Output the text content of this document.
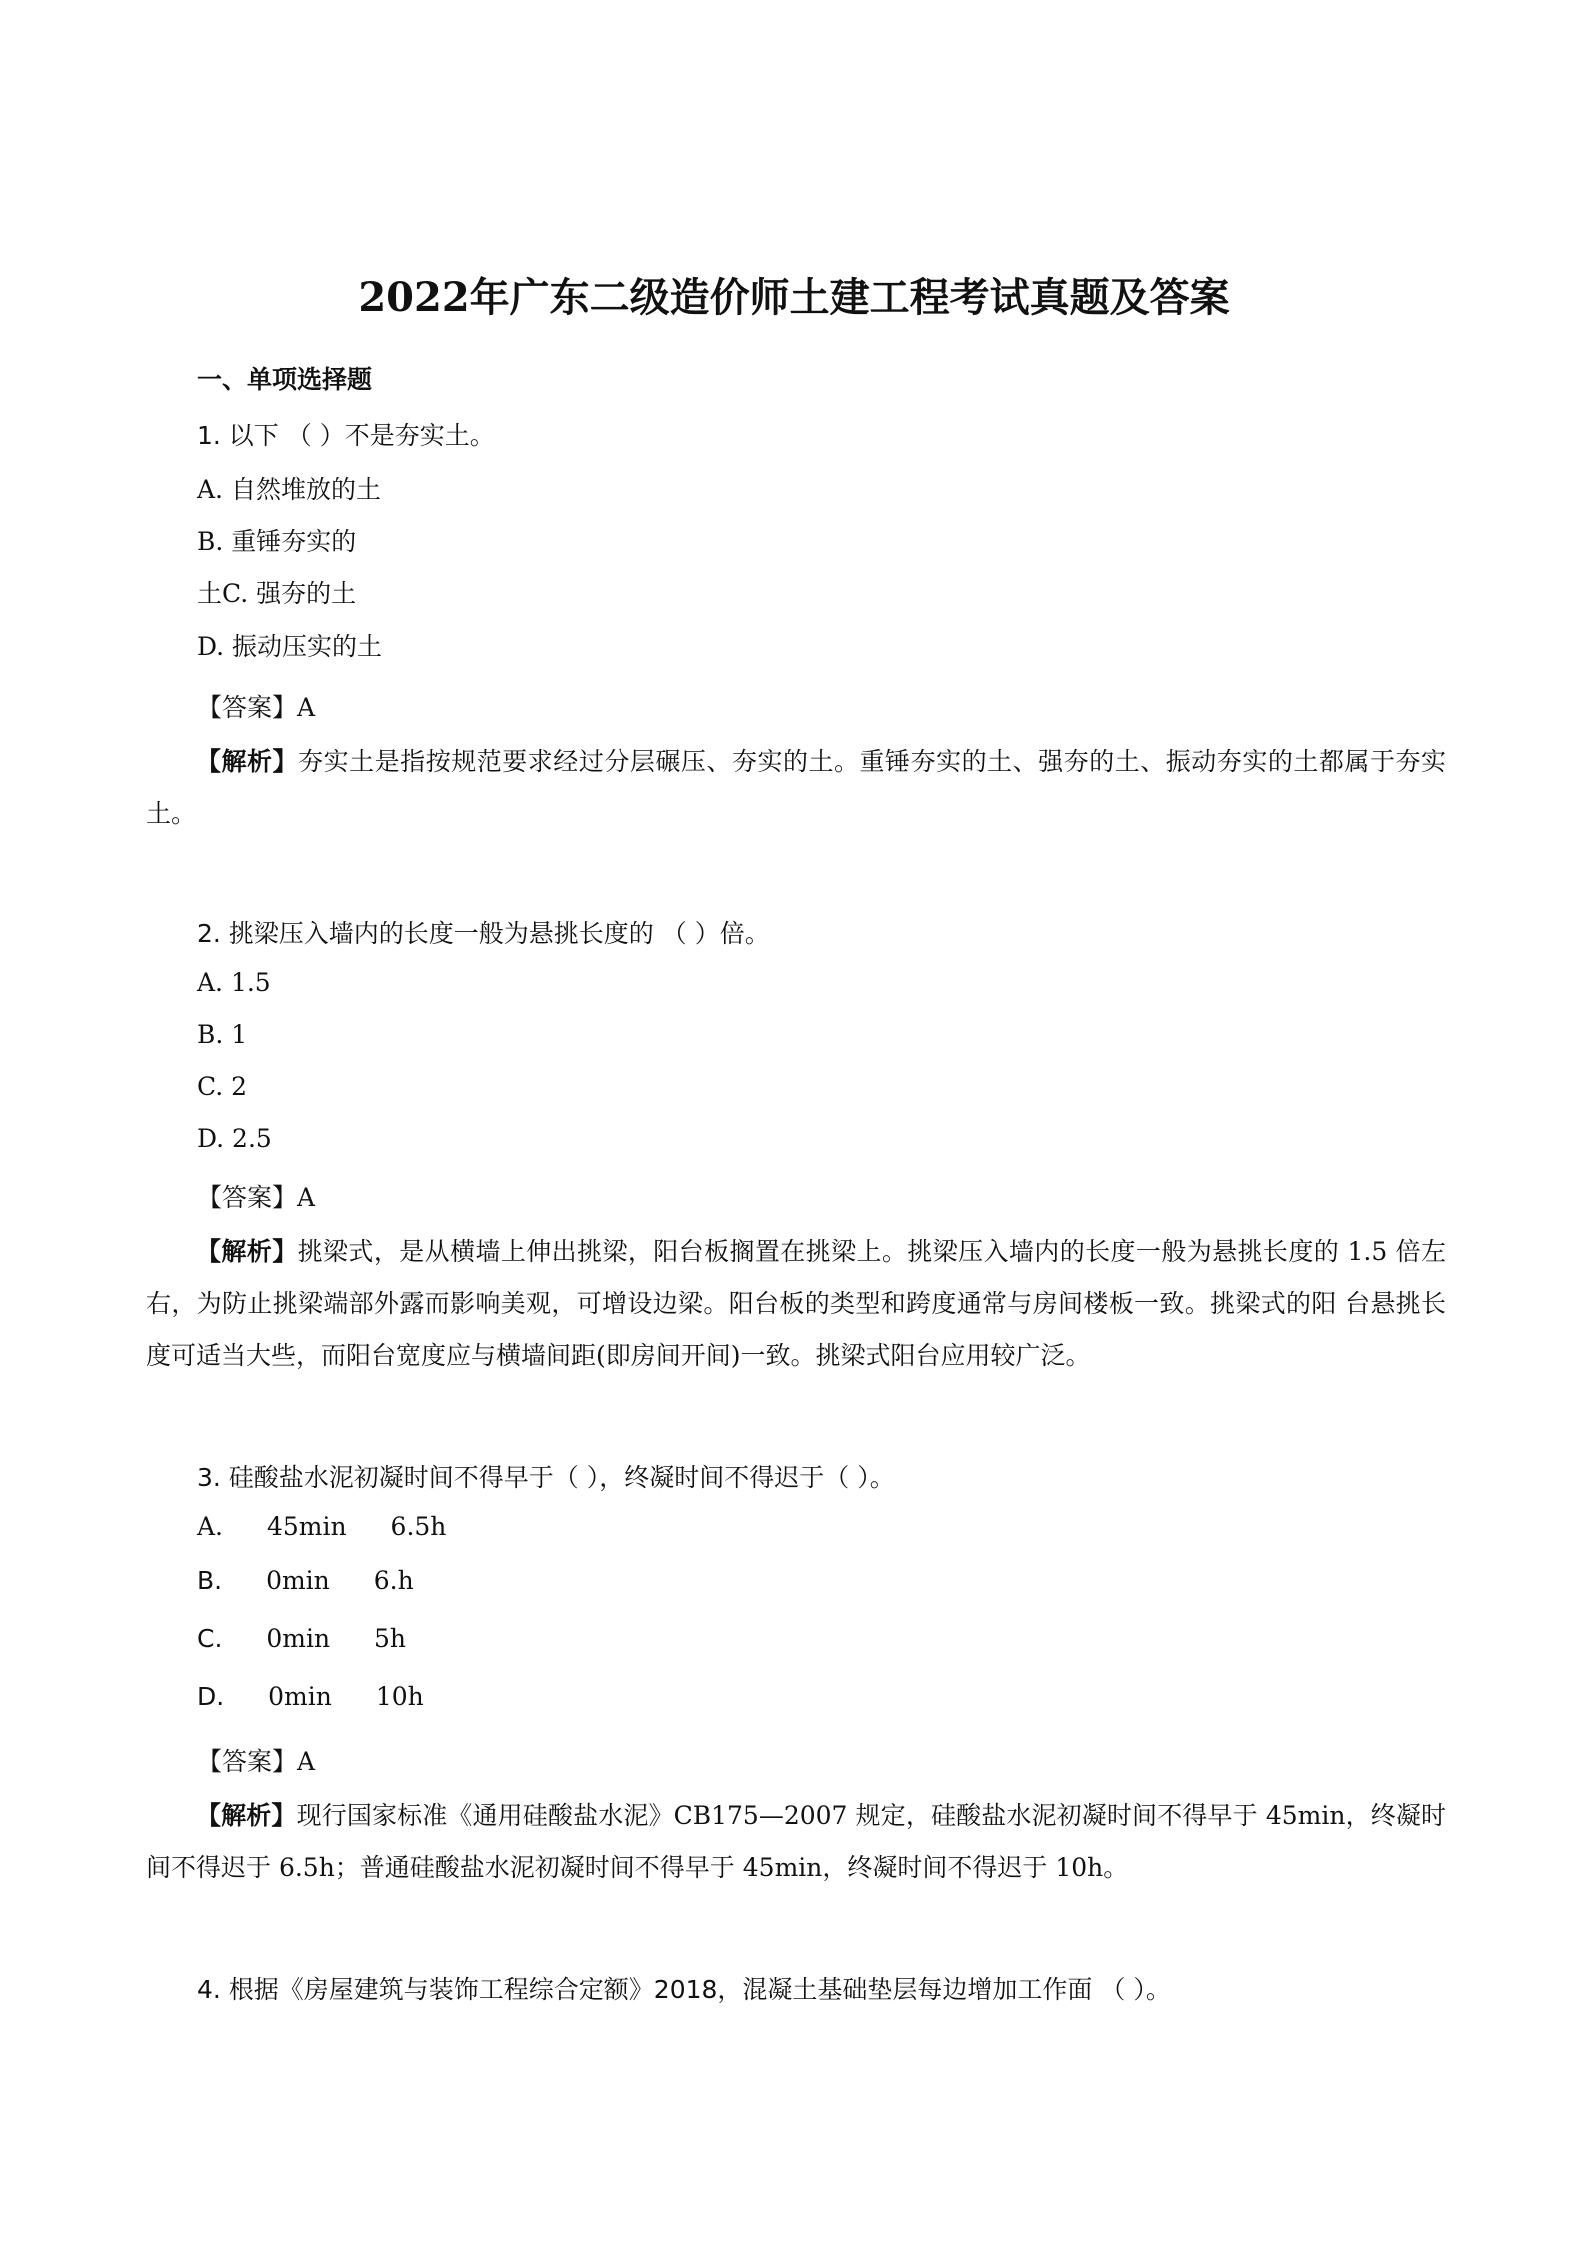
2022年广东二级造价师土建工程考试真题及答案
一、单项选择题
1. 以下 （ ）不是夯实土。
A. 自然堆放的土
B. 重锤夯实的
土C. 强夯的土
D. 振动压实的土
【答案】A
【解析】夯实土是指按规范要求经过分层碾压、夯实的土。重锤夯实的土、强夯的土、振动夯实的土都属于夯实土。
2. 挑梁压入墙内的长度一般为悬挑长度的 （ ）倍。
A. 1.5
B. 1
C. 2
D. 2.5
【答案】A
【解析】挑梁式，是从横墙上伸出挑梁，阳台板搁置在挑梁上。挑梁压入墙内的长度一般为悬挑长度的 1.5 倍左右，为防止挑梁端部外露而影响美观，可增设边梁。阳台板的类型和跨度通常与房间楼板一致。挑梁式的阳 台悬挑长度可适当大些，而阳台宽度应与横墙间距(即房间开间)一致。挑梁式阳台应用较广泛。
3. 硅酸盐水泥初凝时间不得早于（ ），终凝时间不得迟于（ ）。
A. 45min 6.5h
B. 0min 6.h
C. 0min 5h
D. 0min 10h
【答案】A
【解析】现行国家标准《通用硅酸盐水泥》CB175—2007 规定，硅酸盐水泥初凝时间不得早于 45min，终凝时间不得迟于 6.5h；普通硅酸盐水泥初凝时间不得早于 45min，终凝时间不得迟于 10h。
4. 根据《房屋建筑与装饰工程综合定额》2018，混凝土基础垫层每边增加工作面 （ ）。
